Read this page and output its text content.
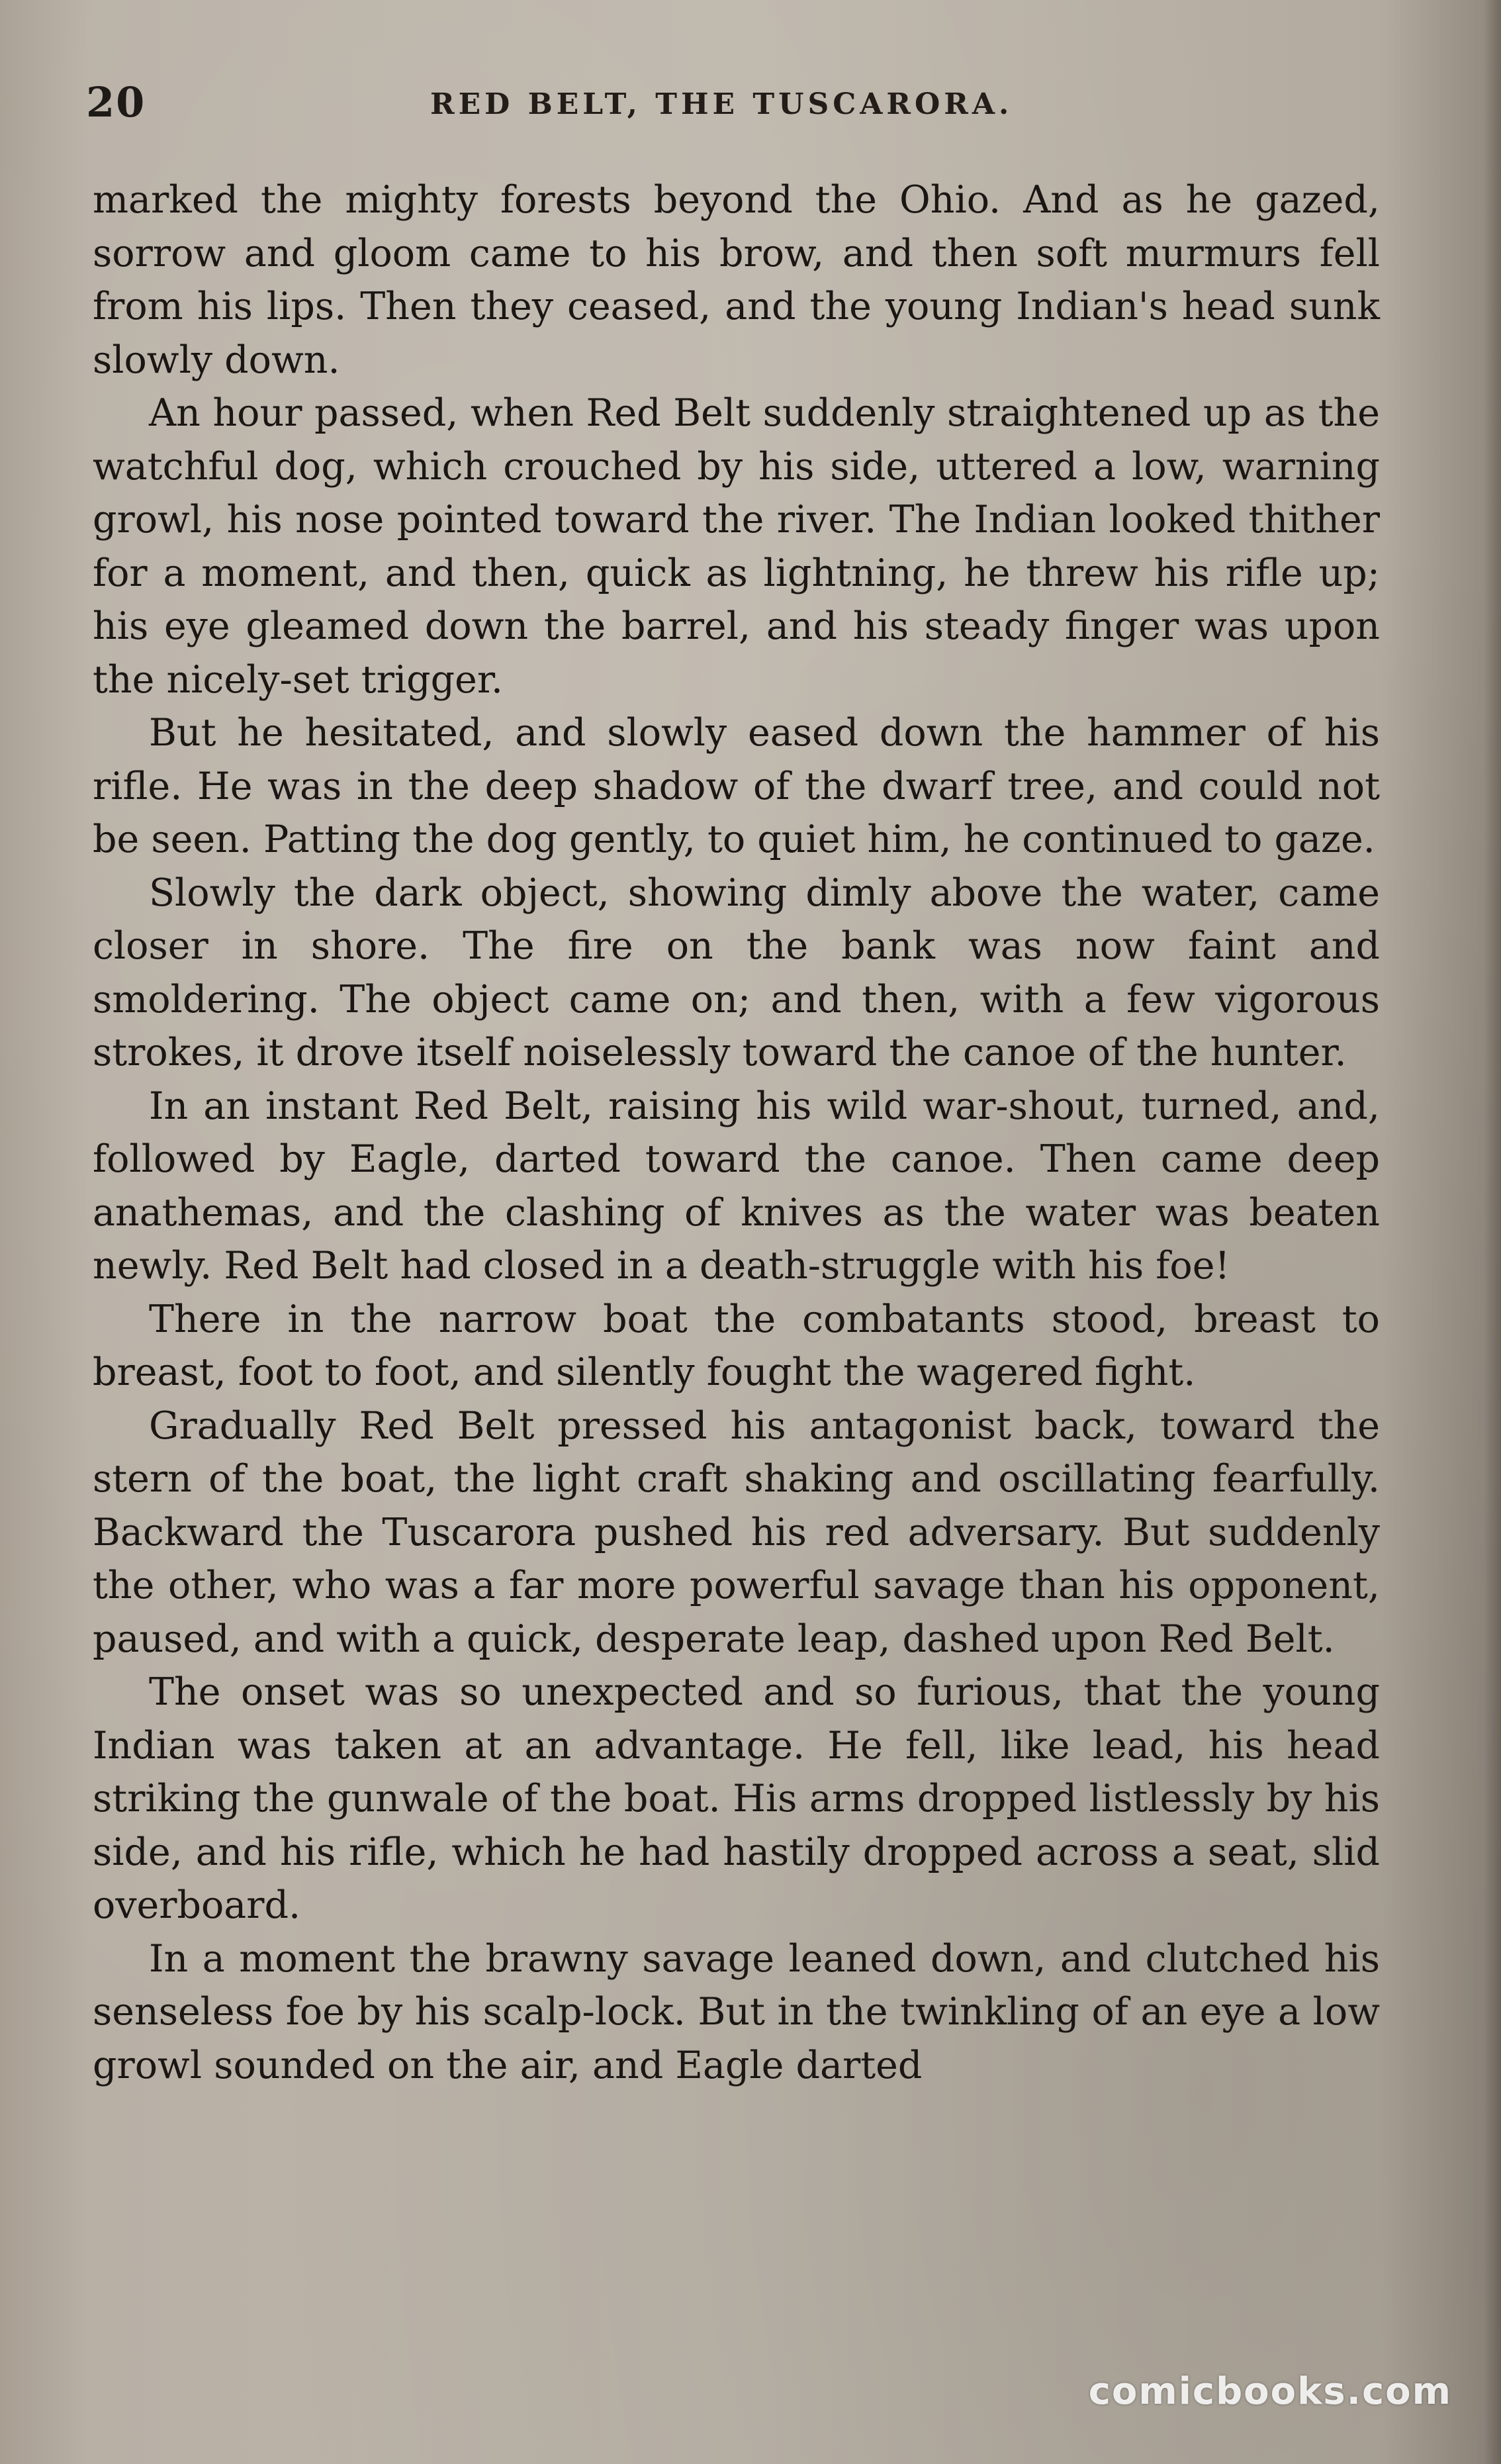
20	RED BELT, THE TUSCARORA.

marked the mighty forests beyond the Ohio. And as he gazed, sorrow and gloom came to his brow, and then soft murmurs fell from his lips. Then they ceased, and the young Indian's head sunk slowly down.

An hour passed, when Red Belt suddenly straightened up as the watchful dog, which crouched by his side, uttered a low, warning growl, his nose pointed toward the river. The Indian looked thither for a moment, and then, quick as lightning, he threw his rifle up; his eye gleamed down the barrel, and his steady finger was upon the nicely-set trigger.

But he hesitated, and slowly eased down the hammer of his rifle. He was in the deep shadow of the dwarf tree, and could not be seen. Patting the dog gently, to quiet him, he continued to gaze.

Slowly the dark object, showing dimly above the water, came closer in shore. The fire on the bank was now faint and smoldering. The object came on; and then, with a few vigorous strokes, it drove itself noiselessly toward the canoe of the hunter.

In an instant Red Belt, raising his wild war-shout, turned, and, followed by Eagle, darted toward the canoe. Then came deep anathemas, and the clashing of knives as the water was beaten newly. Red Belt had closed in a death-struggle with his foe!

There in the narrow boat the combatants stood, breast to breast, foot to foot, and silently fought the wagered fight.

Gradually Red Belt pressed his antagonist back, toward the stern of the boat, the light craft shaking and oscillating fearfully. Backward the Tuscarora pushed his red adversary. But suddenly the other, who was a far more powerful savage than his opponent, paused, and with a quick, desperate leap, dashed upon Red Belt.

The onset was so unexpected and so furious, that the young Indian was taken at an advantage. He fell, like lead, his head striking the gunwale of the boat. His arms dropped listlessly by his side, and his rifle, which he had hastily dropped across a seat, slid overboard.

In a moment the brawny savage leaned down, and clutched his senseless foe by his scalp-lock. But in the twinkling of an eye a low growl sounded on the air, and Eagle darted

comicbooks.com
